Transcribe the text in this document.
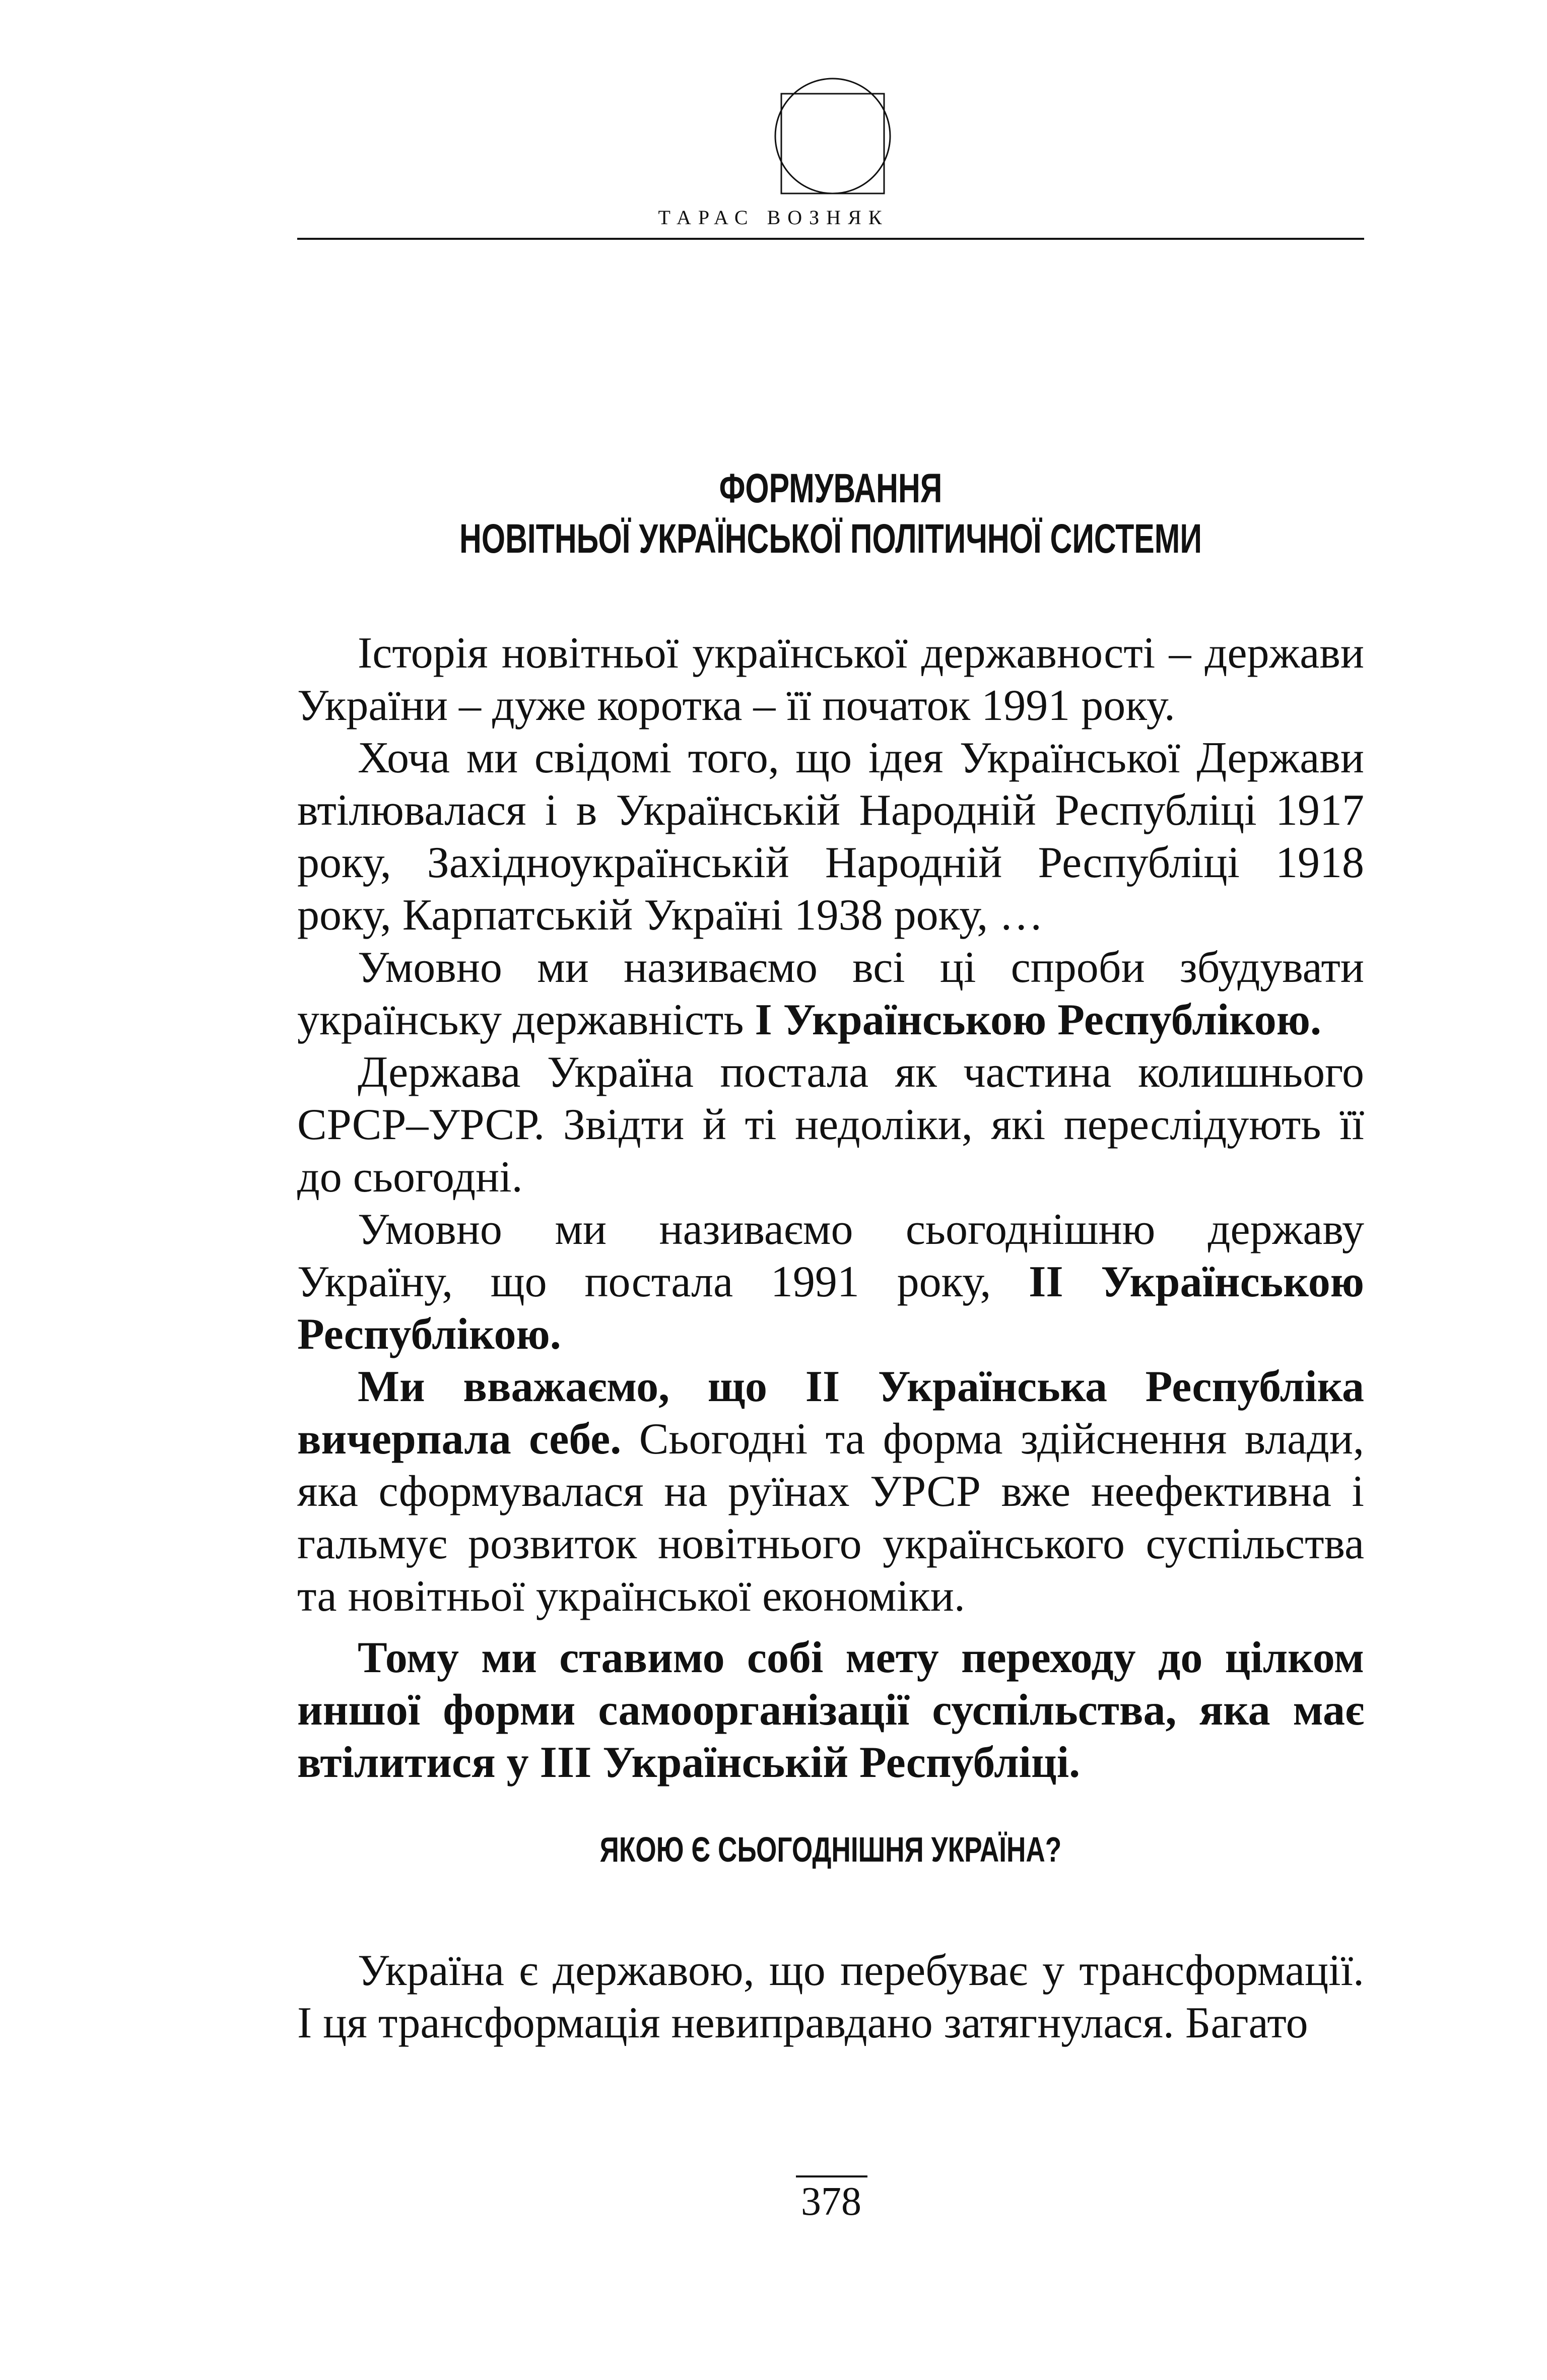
ТАРАС ВОЗНЯК
ФОРМУВАННЯ
НОВІТНЬОЇ УКРАЇНСЬКОЇ ПОЛІТИЧНОЇ СИСТЕМИ

Історія новітньої української державності – держави України – дуже коротка – її початок 1991 року.

Хоча ми свідомі того, що ідея Української Держави втілювалася і в Українській Народній Республіці 1917 року, Західноукраїнській Народній Республіці 1918 року, Карпатській Україні 1938 року, …

Умовно ми називаємо всі ці спроби збудувати українську державність І Українською Республікою.

Держава Україна постала як частина колишнього СРСР–УРСР. Звідти й ті недоліки, які переслідують її до сьогодні.

Умовно ми називаємо сьогоднішню державу Україну, що постала 1991 року, ІІ Українською Республікою.

Ми вважаємо, що ІІ Українська Республіка вичерпала себе. Сьогодні та форма здійснення влади, яка сформувалася на руїнах УРСР вже неефективна і гальмує розвиток новітнього українського суспільства та новітньої української економіки.

Тому ми ставимо собі мету переходу до цілком иншої форми самоорганізації суспільства, яка має втілитися у ІІІ Українській Республіці.

ЯКОЮ Є СЬОГОДНІШНЯ УКРАЇНА?

Україна є державою, що перебуває у трансформації. І ця трансформація невиправдано затягнулася. Багато

378
